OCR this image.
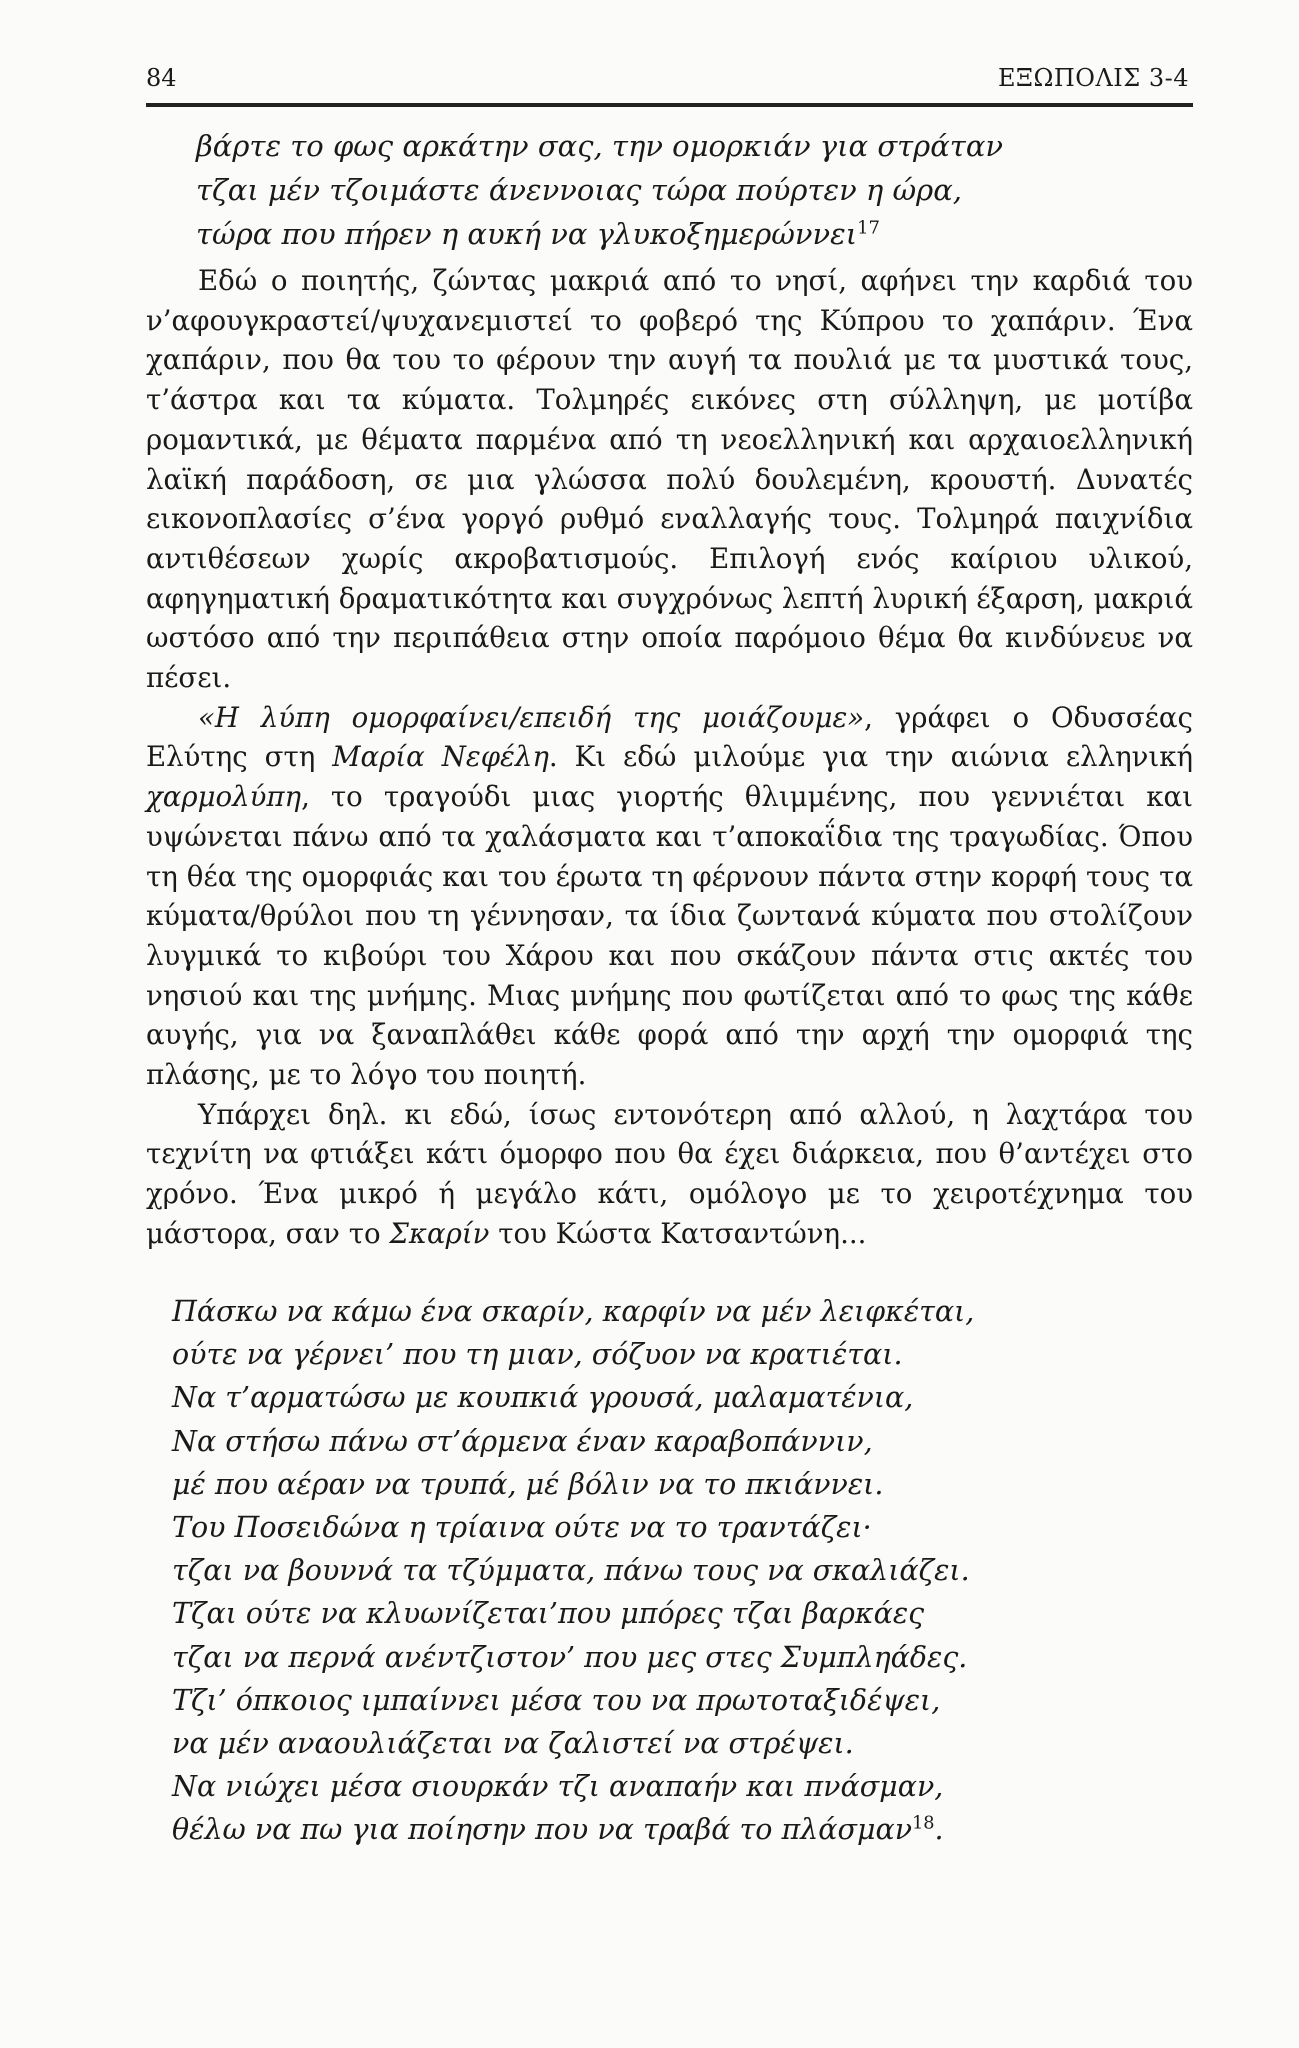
84	ΕΞΩΠΟΛΙΣ 3-4
βάρτε το φως αρκάτην σας, την ομορκιάν για στράταν
τζαι μέν τζοιμάστε άνεννοιας τώρα πούρτεν η ώρα,
τώρα που πήρεν η αυκή να γλυκοξημερώννει$^{17}$

Εδώ ο ποιητής, ζώντας μακριά από το νησί, αφήνει την καρδιά του ν’αφουγκραστεί/ψυχανεμιστεί το φοβερό της Κύπρου το χαπάριν. Ένα χαπάριν, που θα του το φέρουν την αυγή τα πουλιά με τα μυστικά τους, τ’άστρα και τα κύματα. Τολμηρές εικόνες στη σύλληψη, με μοτίβα ρομαντικά, με θέματα παρμένα από τη νεοελληνική και αρχαιοελληνική λαϊκή παράδοση, σε μια γλώσσα πολύ δουλεμένη, κρουστή. Δυνατές εικονοπλασίες σ’ένα γοργό ρυθμό εναλλαγής τους. Τολμηρά παιχνίδια αντιθέσεων χωρίς ακροβατισμούς. Επιλογή ενός καίριου υλικού, αφηγηματική δραματικότητα και συγχρόνως λεπτή λυρική έξαρση, μακριά ωστόσο από την περιπάθεια στην οποία παρόμοιο θέμα θα κινδύνευε να πέσει.

«Η λύπη ομορφαίνει/επειδή της μοιάζουμε», γράφει ο Οδυσσέας Ελύτης στη Μαρία Νεφέλη. Κι εδώ μιλούμε για την αιώνια ελληνική χαρμολύπη, το τραγούδι μιας γιορτής θλιμμένης, που γεννιέται και υψώνεται πάνω από τα χαλάσματα και τ’αποκαΐδια της τραγωδίας. Όπου τη θέα της ομορφιάς και του έρωτα τη φέρνουν πάντα στην κορφή τους τα κύματα/θρύλοι που τη γέννησαν, τα ίδια ζωντανά κύματα που στολίζουν λυγμικά το κιβούρι του Χάρου και που σκάζουν πάντα στις ακτές του νησιού και της μνήμης. Μιας μνήμης που φωτίζεται από το φως της κάθε αυγής, για να ξαναπλάθει κάθε φορά από την αρχή την ομορφιά της πλάσης, με το λόγο του ποιητή.

Υπάρχει δηλ. κι εδώ, ίσως εντονότερη από αλλού, η λαχτάρα του τεχνίτη να φτιάξει κάτι όμορφο που θα έχει διάρκεια, που θ’αντέχει στο χρόνο. Ένα μικρό ή μεγάλο κάτι, ομόλογο με το χειροτέχνημα του μάστορα, σαν το Σκαρίν του Κώστα Κατσαντώνη...

Πάσκω να κάμω ένα σκαρίν, καρφίν να μέν λειφκέται,
ούτε να γέρνει’ που τη μιαν, σόζυον να κρατιέται.
Να τ’αρματώσω με κουπκιά γρουσά, μαλαματένια,
Να στήσω πάνω στ’άρμενα έναν καραβοπάννιν,
μέ που αέραν να τρυπά, μέ βόλιν να το πκιάννει.
Του Ποσειδώνα η τρίαινα ούτε να το τραντάζει·
τζαι να βουννά τα τζύμματα, πάνω τους να σκαλιάζει.
Τζαι ούτε να κλυωνίζεται’που μπόρες τζαι βαρκάες
τζαι να περνά ανέντζιστον’ που μες στες Συμπληάδες.
Τζι’ όπκοιος ιμπαίννει μέσα του να πρωτοταξιδέψει,
να μέν αναουλιάζεται να ζαλιστεί να στρέψει.
Να νιώχει μέσα σιουρκάν τζι αναπαήν και πνάσμαν,
θέλω να πω για ποίησην που να τραβά το πλάσμαν$^{18}$.
